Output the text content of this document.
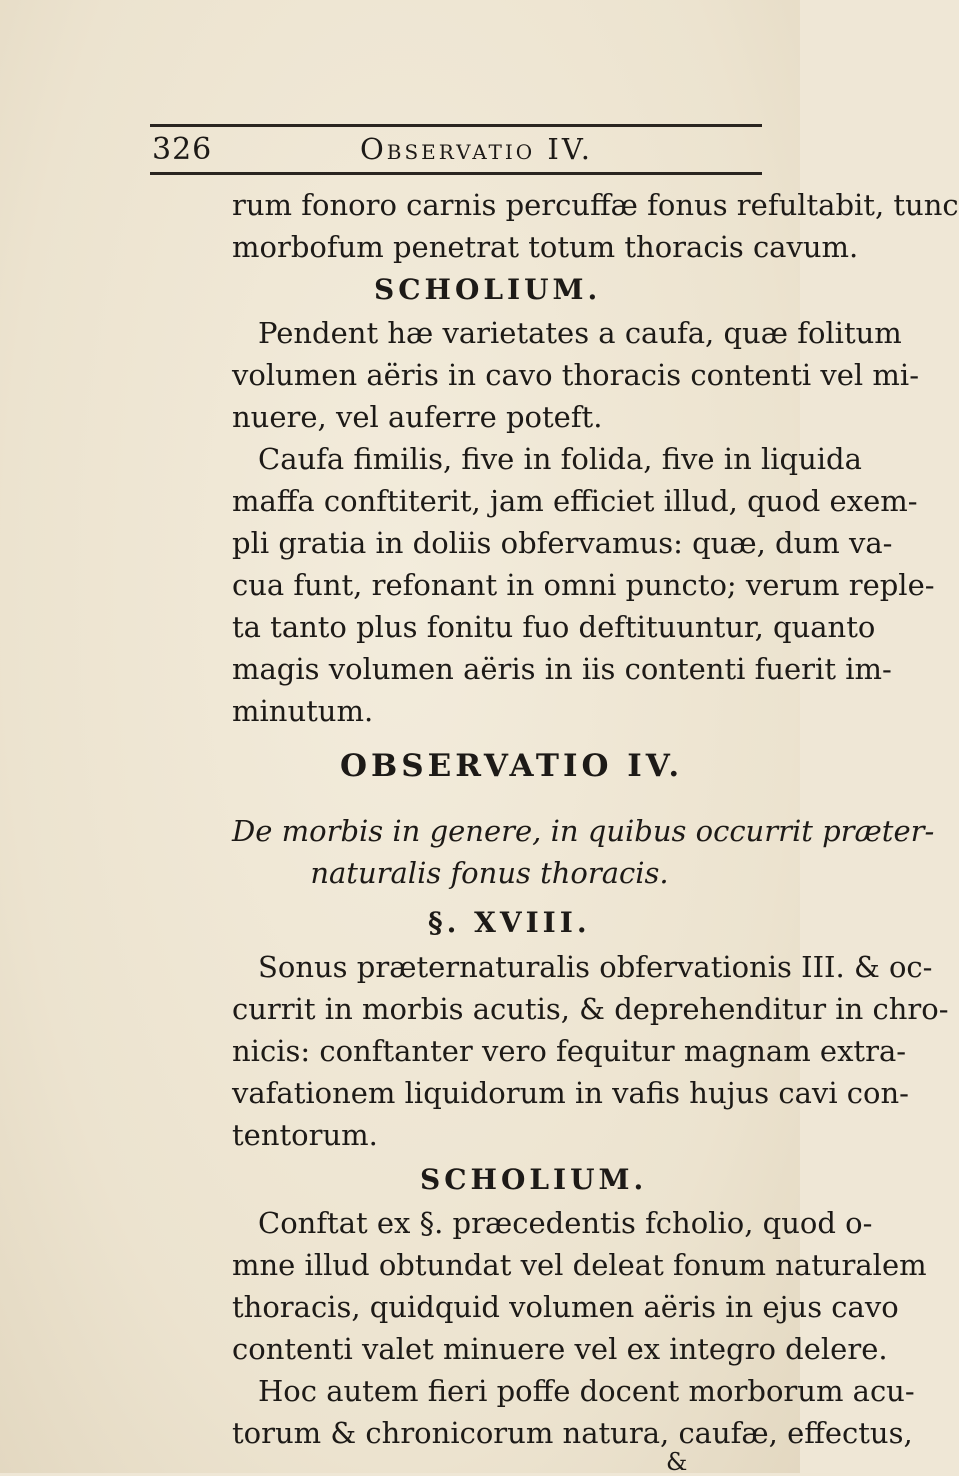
326	Observatio IV.
rum fonoro carnis percuffæ fonus refultabit, tunc
morbofum penetrat totum thoracis cavum.
SCHOLIUM.
Pendent hæ varietates a caufa, quæ folitum
volumen aëris in cavo thoracis contenti vel mi-
nuere, vel auferre poteft.
Caufa fimilis, five in folida, five in liquida
maffa conftiterit, jam efficiet illud, quod exem-
pli gratia in doliis obfervamus: quæ, dum va-
cua funt, refonant in omni puncto; verum reple-
ta tanto plus fonitu fuo deftituuntur, quanto
magis volumen aëris in iis contenti fuerit im-
minutum.
OBSERVATIO IV.
De morbis in genere, in quibus occurrit præter-
naturalis fonus thoracis.
§. XVIII.
Sonus præternaturalis obfervationis III. & oc-
currit in morbis acutis, & deprehenditur in chro-
nicis: conftanter vero fequitur magnam extra-
vafationem liquidorum in vafis hujus cavi con-
tentorum.
SCHOLIUM.
Conftat ex §. præcedentis fcholio, quod o-
mne illud obtundat vel deleat fonum naturalem
thoracis, quidquid volumen aëris in ejus cavo
contenti valet minuere vel ex integro delere.
Hoc autem fieri poffe docent morborum acu-
torum & chronicorum natura, caufæ, effectus,
&
